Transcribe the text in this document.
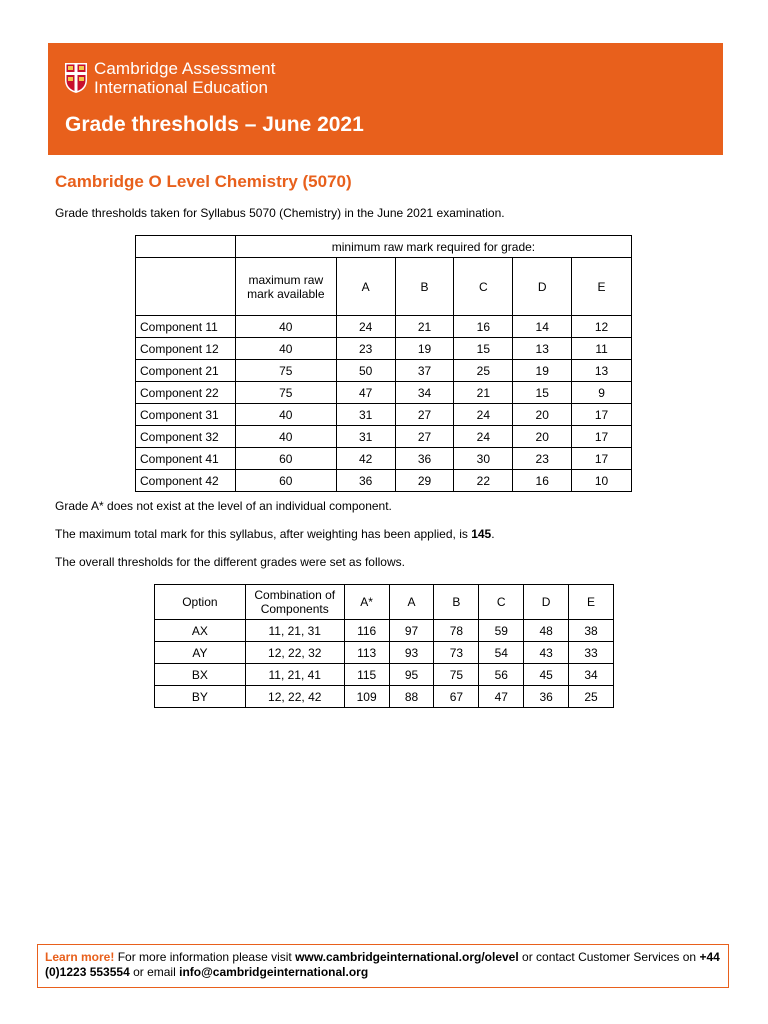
Cambridge Assessment
International Education
Grade thresholds – June 2021
Cambridge O Level Chemistry (5070)
Grade thresholds taken for Syllabus 5070 (Chemistry) in the June 2021 examination.
	minimum raw mark required for grade:					
	maximum raw mark available	A	B	C	D	E
Component 11	40	24	21	16	14	12
Component 12	40	23	19	15	13	11
Component 21	75	50	37	25	19	13
Component 22	75	47	34	21	15	9
Component 31	40	31	27	24	20	17
Component 32	40	31	27	24	20	17
Component 41	60	42	36	30	23	17
Component 42	60	36	29	22	16	10
Grade A* does not exist at the level of an individual component.
The maximum total mark for this syllabus, after weighting has been applied, is 145.
The overall thresholds for the different grades were set as follows.
Option	Combination of Components	A*	A	B	C	D	E
AX	11, 21, 31	116	97	78	59	48	38
AY	12, 22, 32	113	93	73	54	43	33
BX	11, 21, 41	115	95	75	56	45	34
BY	12, 22, 42	109	88	67	47	36	25
Learn more! For more information please visit www.cambridgeinternational.org/olevel or contact Customer Services on +44 (0)1223 553554 or email info@cambridgeinternational.org
